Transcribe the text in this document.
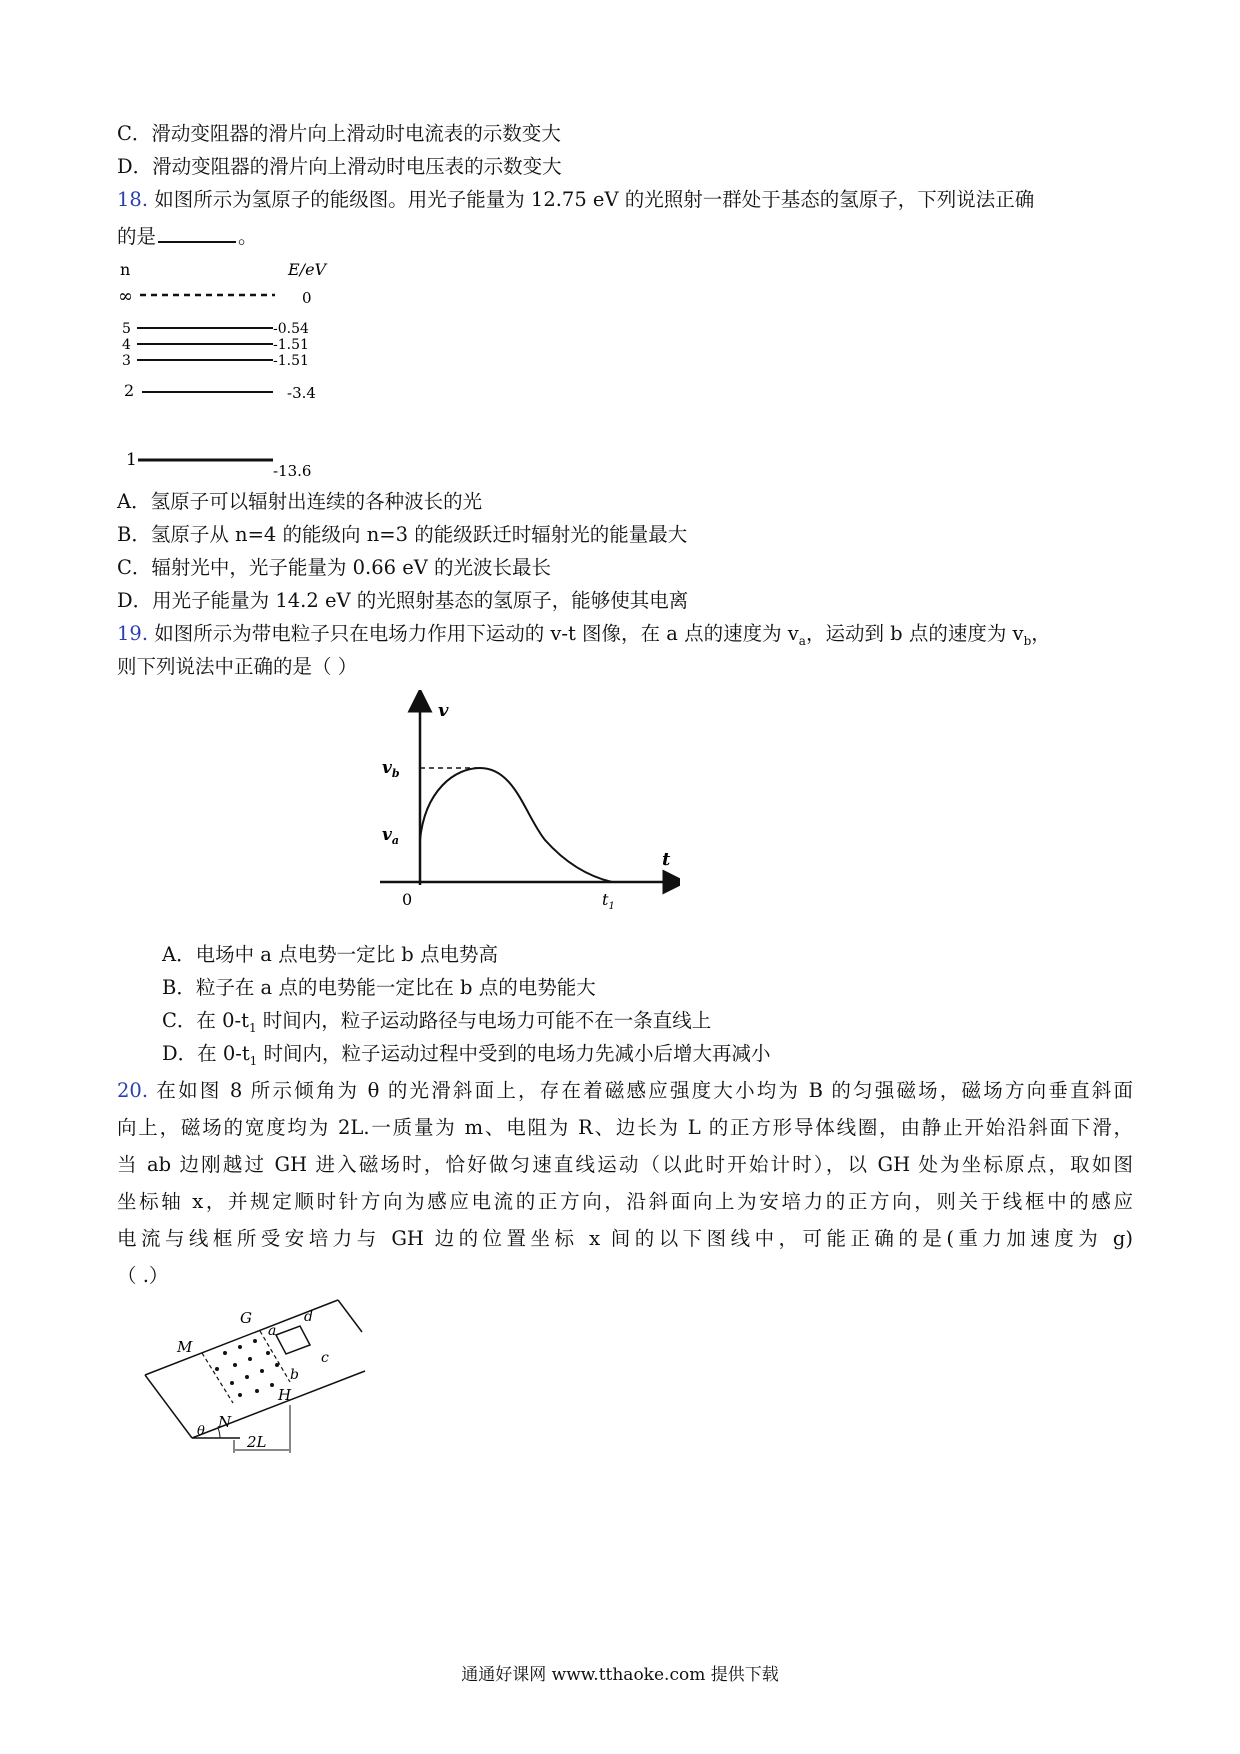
C．滑动变阻器的滑片向上滑动时电流表的示数变大
D．滑动变阻器的滑片向上滑动时电压表的示数变大
18. 如图所示为氢原子的能级图。用光子能量为 12.75 eV 的光照射一群处于基态的氢原子，下列说法正确
的是	。
n	E/eV
∞	0
5	-0.54
4	-1.51
3	-1.51
2	-3.4
1
-13.6
A．氢原子可以辐射出连续的各种波长的光
B．氢原子从 n=4 的能级向 n=3 的能级跃迁时辐射光的能量最大
C．辐射光中，光子能量为 0.66 eV 的光波长最长
D．用光子能量为 14.2 eV 的光照射基态的氢原子，能够使其电离
19. 如图所示为带电粒子只在电场力作用下运动的 v-t 图像，在 a 点的速度为 $v_a$，运动到 b 点的速度为 $v_b$，
则下列说法中正确的是（ ）
v
t
0
$v_b$
$v_a$
$t_1$
A．电场中 a 点电势一定比 b 点电势高
B．粒子在 a 点的电势能一定比在 b 点的电势能大
C．在 $0-t_1$ 时间内，粒子运动路径与电场力可能不在一条直线上
D．在 $0-t_1$ 时间内，粒子运动过程中受到的电场力先减小后增大再减小
20. 在如图 8 所示倾角为 θ 的光滑斜面上，存在着磁感应强度大小均为 B 的匀强磁场，磁场方向垂直斜面
向上，磁场的宽度均为 2L.一质量为 m、电阻为 R、边长为 L 的正方形导体线圈，由静止开始沿斜面下滑，
当 ab 边刚越过 GH 进入磁场时，恰好做匀速直线运动（以此时开始计时），以 GH 处为坐标原点，取如图
坐标轴 x，并规定顺时针方向为感应电流的正方向，沿斜面向上为安培力的正方向，则关于线框中的感应
电流与线框所受安培力与 GH 边的位置坐标 x 间的以下图线中，可能正确的是(重力加速度为 g)
（ .）
θ
G
M
N
H
a
b
c
d
2L
通通好课网 www.tthaoke.com 提供下载
